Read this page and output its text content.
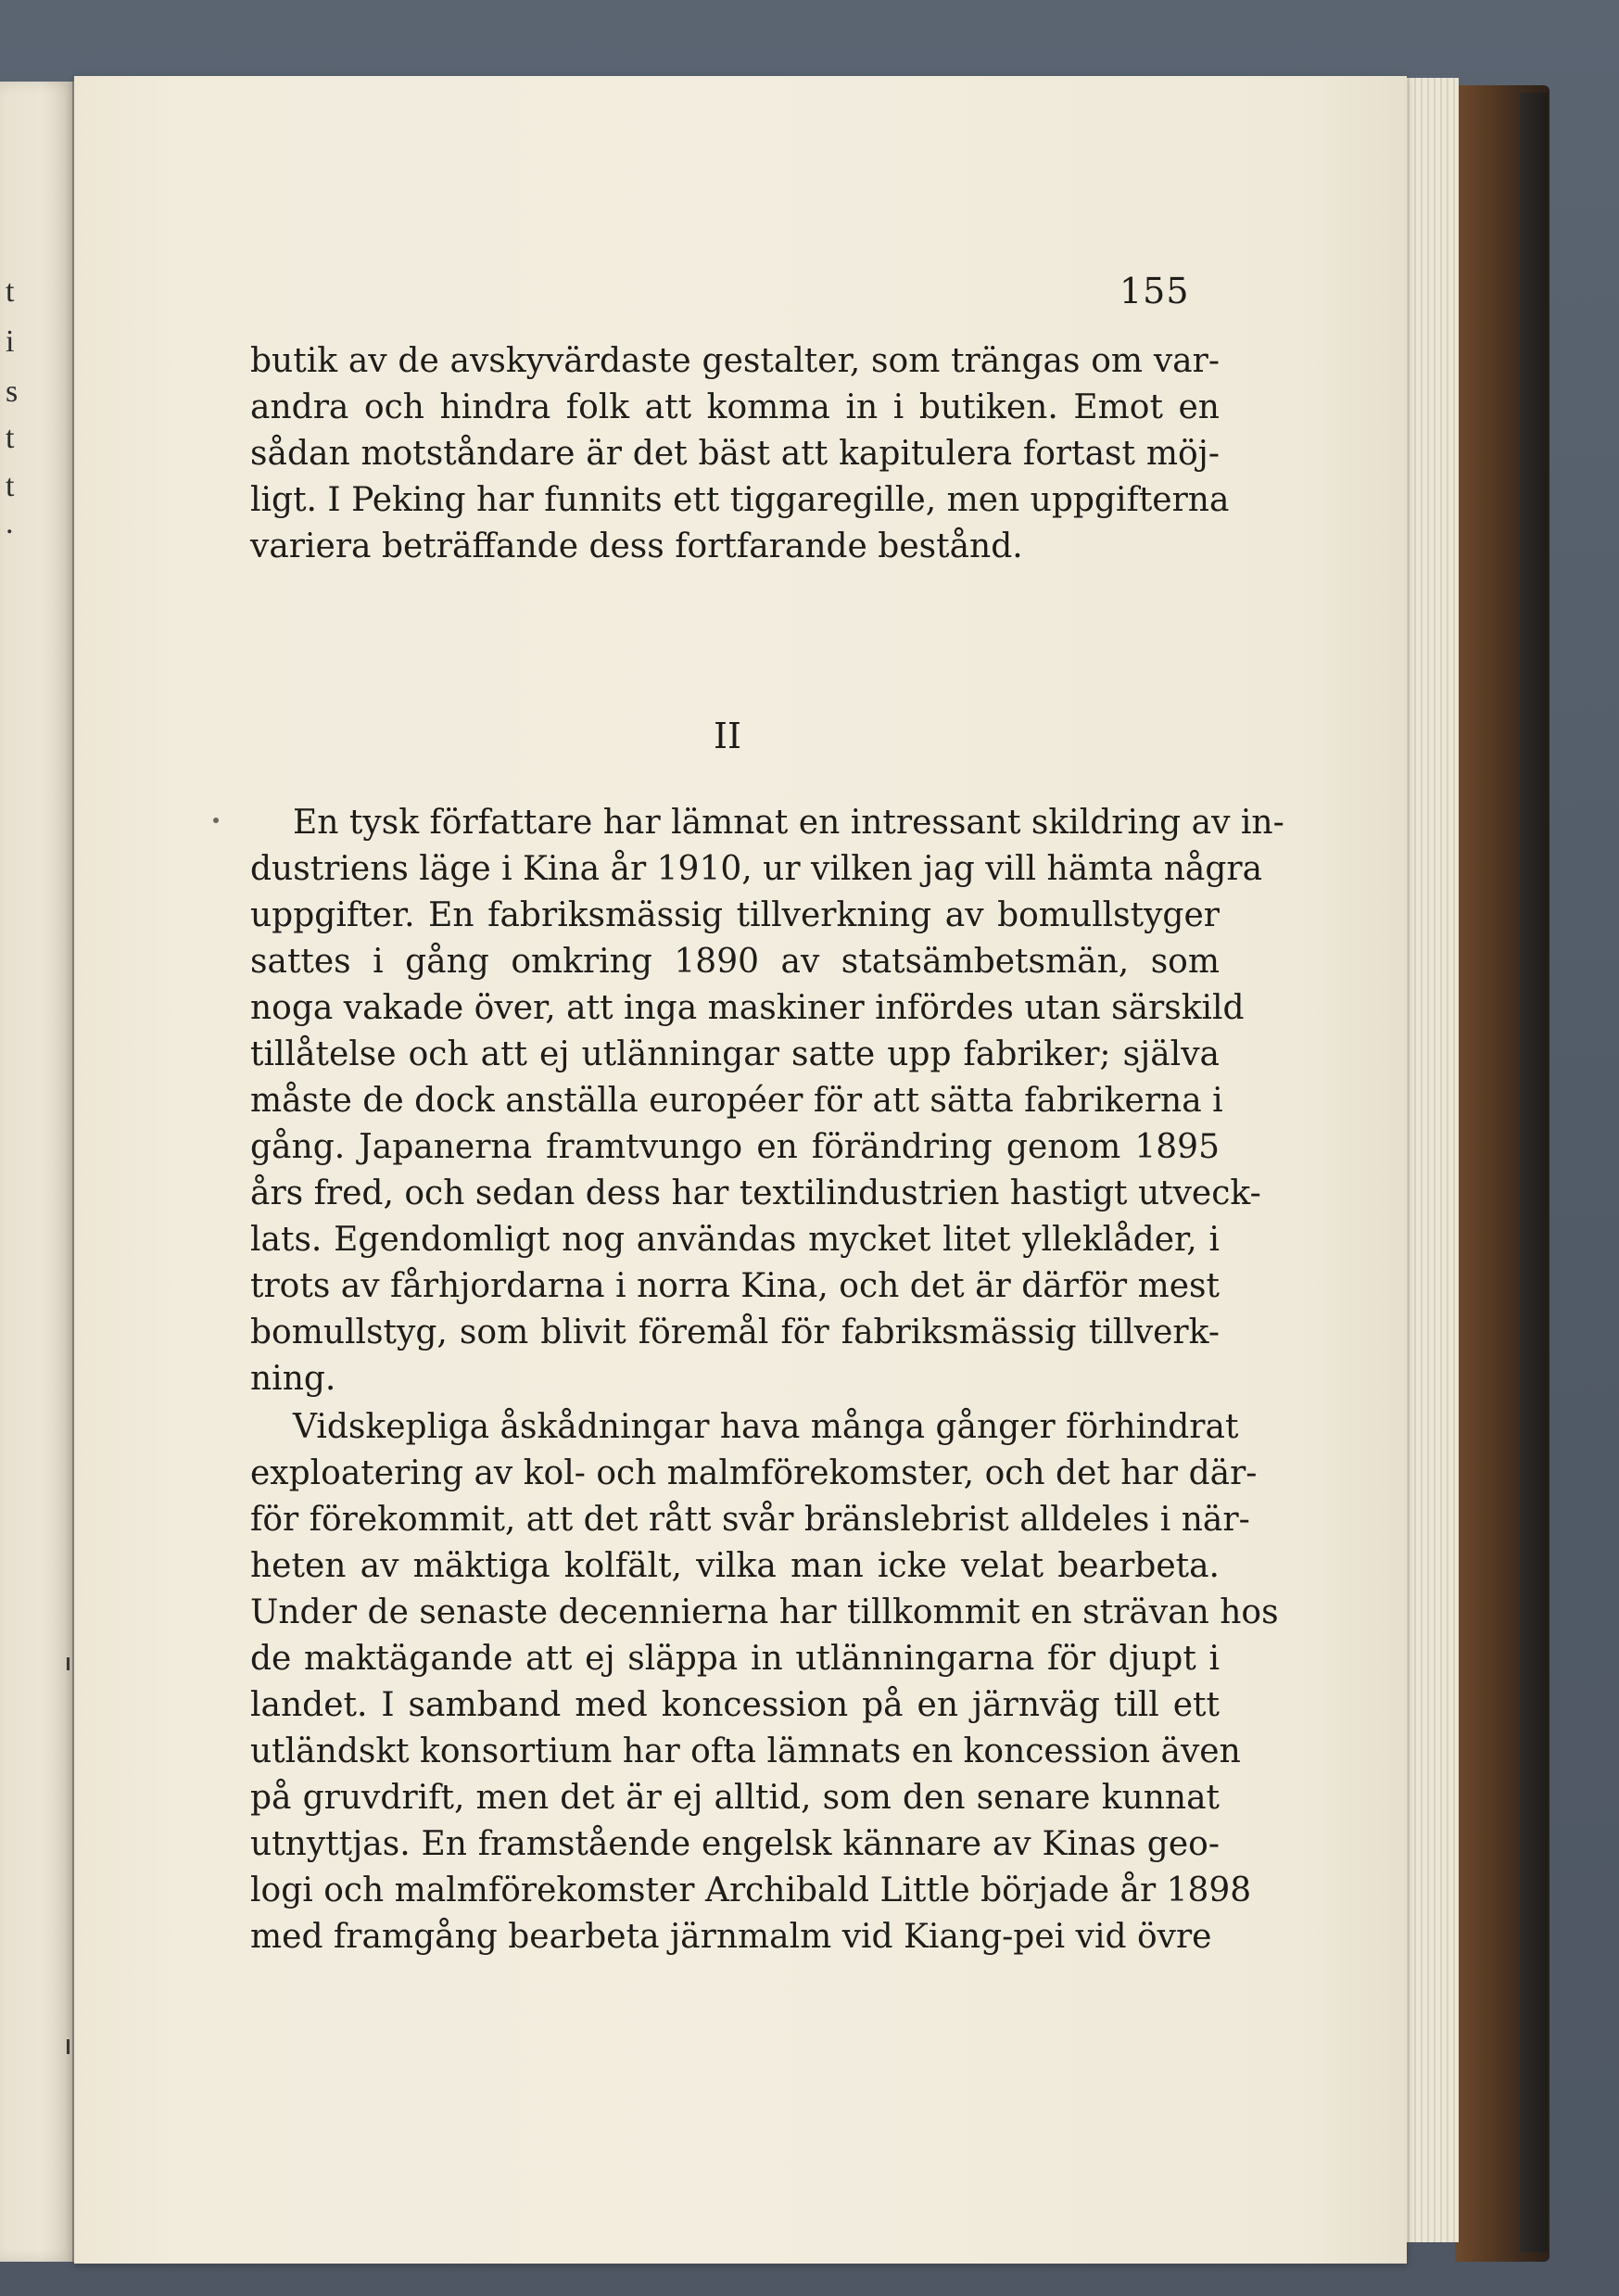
t
i
s
t
t
.
155
butik av de avskyvärdaste gestalter, som trängas om var-
andra och hindra folk att komma in i butiken. Emot en
sådan motståndare är det bäst att kapitulera fortast möj-
ligt. I Peking har funnits ett tiggaregille, men uppgifterna
variera beträffande dess fortfarande bestånd.
II
En tysk författare har lämnat en intressant skildring av in-
dustriens läge i Kina år 1910, ur vilken jag vill hämta några
uppgifter. En fabriksmässig tillverkning av bomullstyger
sattes i gång omkring 1890 av statsämbetsmän, som
noga vakade över, att inga maskiner infördes utan särskild
tillåtelse och att ej utlänningar satte upp fabriker; själva
måste de dock anställa européer för att sätta fabrikerna i
gång. Japanerna framtvungo en förändring genom 1895
års fred, och sedan dess har textilindustrien hastigt utveck-
lats. Egendomligt nog användas mycket litet ylleklåder, i
trots av fårhjordarna i norra Kina, och det är därför mest
bomullstyg, som blivit föremål för fabriksmässig tillverk-
ning.
Vidskepliga åskådningar hava många gånger förhindrat
exploatering av kol- och malmförekomster, och det har där-
för förekommit, att det rått svår bränslebrist alldeles i när-
heten av mäktiga kolfält, vilka man icke velat bearbeta.
Under de senaste decennierna har tillkommit en strävan hos
de maktägande att ej släppa in utlänningarna för djupt i
landet. I samband med koncession på en järnväg till ett
utländskt konsortium har ofta lämnats en koncession även
på gruvdrift, men det är ej alltid, som den senare kunnat
utnyttjas. En framstående engelsk kännare av Kinas geo-
logi och malmförekomster Archibald Little började år 1898
med framgång bearbeta järnmalm vid Kiang-pei vid övre
